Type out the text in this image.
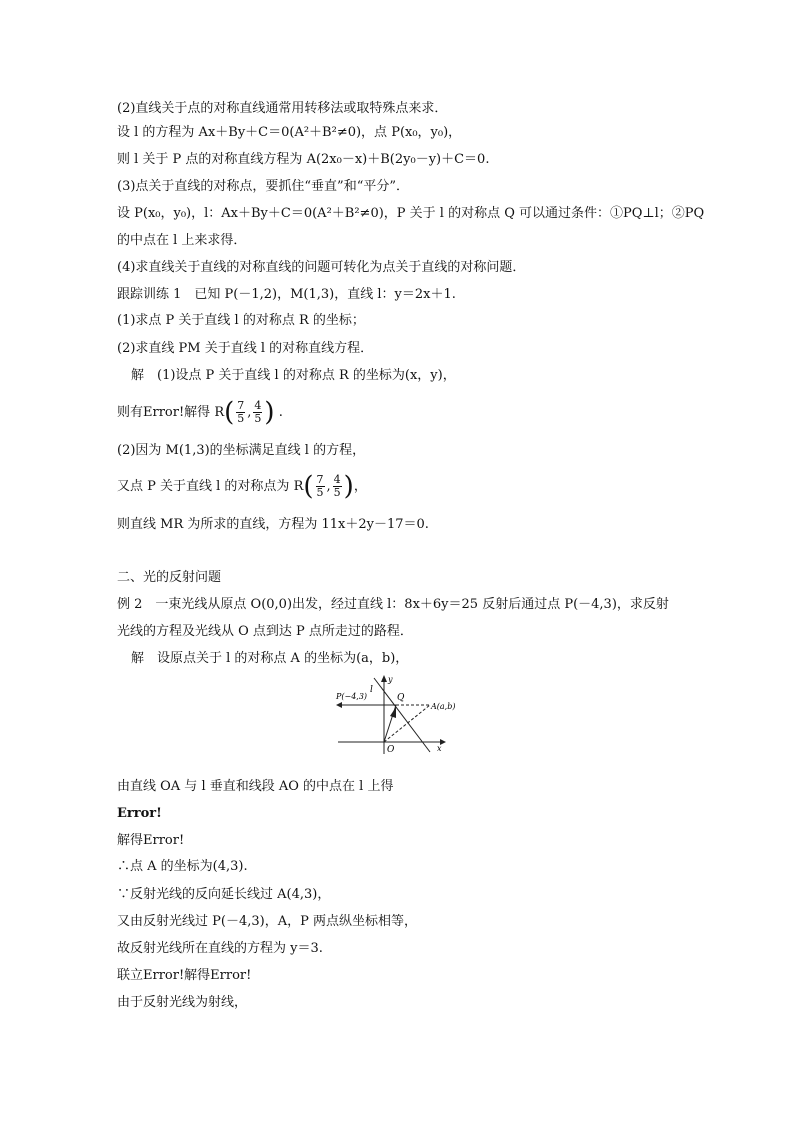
(2)直线关于点的对称直线通常用转移法或取特殊点来求．
设 l 的方程为 Ax＋By＋C＝0(A²＋B²≠0)，点 P(x₀，y₀)，
则 l 关于 P 点的对称直线方程为 A(2x₀－x)＋B(2y₀－y)＋C＝0.
(3)点关于直线的对称点，要抓住“垂直”和“平分”．
设 P(x₀，y₀)，l：Ax＋By＋C＝0(A²＋B²≠0)，P 关于 l 的对称点 Q 可以通过条件：①PQ⊥l；②PQ
的中点在 l 上来求得．
(4)求直线关于直线的对称直线的问题可转化为点关于直线的对称问题．
跟踪训练 1　已知 P(－1,2)，M(1,3)，直线 l：y＝2x＋1.
(1)求点 P 关于直线 l 的对称点 R 的坐标；
(2)求直线 PM 关于直线 l 的对称直线方程．
解　(1)设点 P 关于直线 l 的对称点 R 的坐标为(x，y)，
则有Error!解得 $R( \frac{7}{5}$ , $\frac{4}{5}$ ) .
(2)因为 M(1,3)的坐标满足直线 l 的方程，
又点 P 关于直线 l 的对称点为 $R( \frac{7}{5}$ , $\frac{4}{5}$ )，
则直线 MR 为所求的直线，方程为 11x＋2y－17＝0.
二、光的反射问题
例 2　一束光线从原点 O(0,0)出发，经过直线 l：8x＋6y＝25 反射后通过点 P(－4,3)，求反射
光线的方程及光线从 O 点到达 P 点所走过的路程．
解　设原点关于 l 的对称点 A 的坐标为(a，b)，
P(−4,3)
l
y
Q
A(a,b)
O	x
由直线 OA 与 l 垂直和线段 AO 的中点在 l 上得
Error!
解得Error!
∴点 A 的坐标为(4,3).
∵反射光线的反向延长线过 A(4,3)，
又由反射光线过 P(－4,3)，A，P 两点纵坐标相等，
故反射光线所在直线的方程为 y＝3.
联立Error!解得Error!
由于反射光线为射线，
